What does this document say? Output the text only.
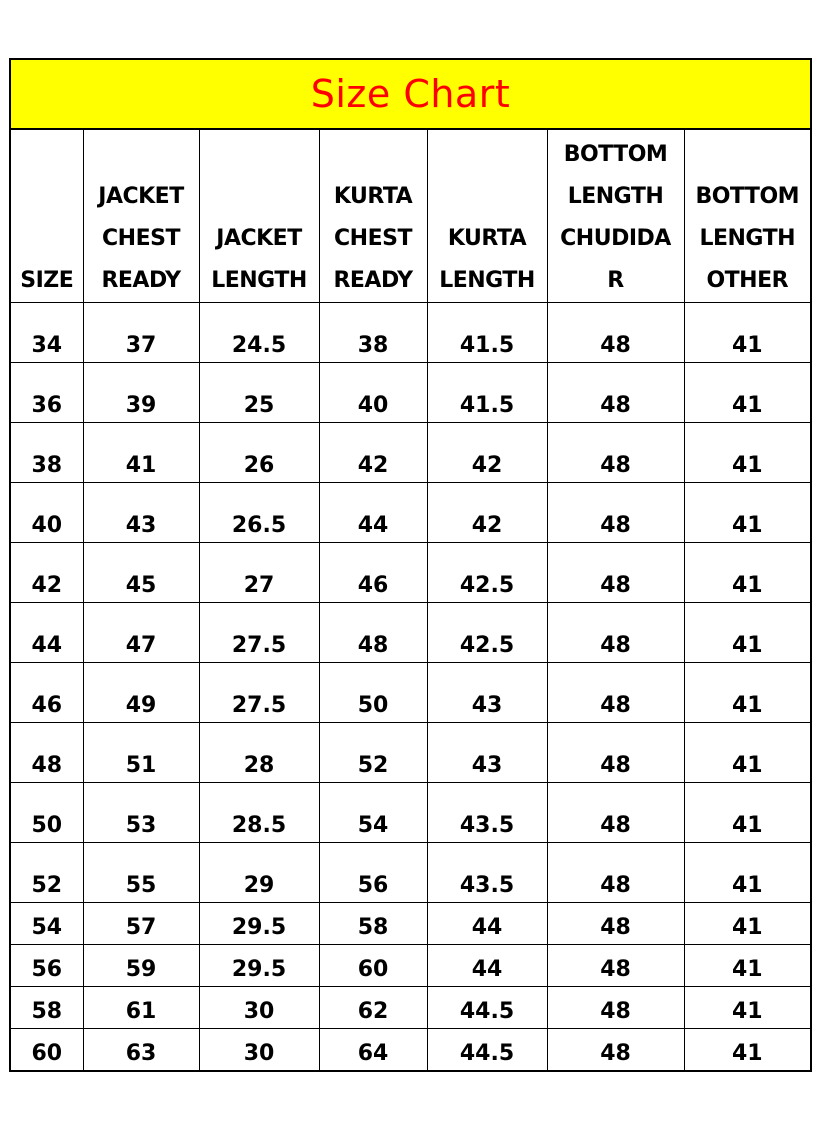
Size Chart
SIZE	JACKET
CHEST
READY	JACKET
LENGTH	KURTA
CHEST
READY	KURTA
LENGTH	BOTTOM
LENGTH
CHUDIDA
R	BOTTOM
LENGTH
OTHER

34	37	24.5	38	41.5	48	41
36	39	25	40	41.5	48	41
38	41	26	42	42	48	41
40	43	26.5	44	42	48	41
42	45	27	46	42.5	48	41
44	47	27.5	48	42.5	48	41
46	49	27.5	50	43	48	41
48	51	28	52	43	48	41
50	53	28.5	54	43.5	48	41
52	55	29	56	43.5	48	41
54	57	29.5	58	44	48	41
56	59	29.5	60	44	48	41
58	61	30	62	44.5	48	41
60	63	30	64	44.5	48	41
